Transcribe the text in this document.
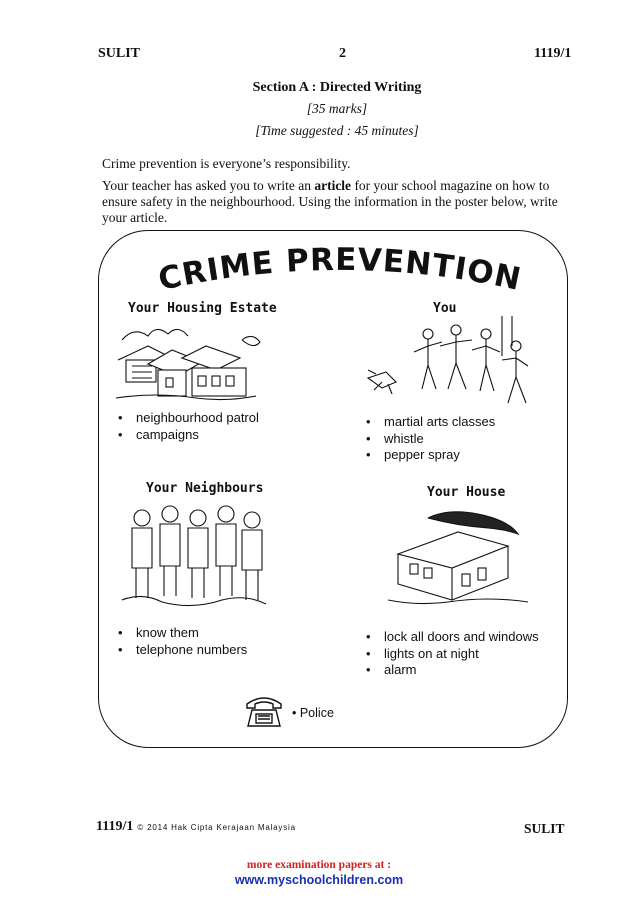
SULIT	2	1119/1
Section A : Directed Writing
[35 marks]
[Time suggested : 45 minutes]
Crime prevention is everyone’s responsibility.
Your teacher has asked you to write an article for your school magazine on how to ensure safety in the neighbourhood. Using the information in the poster below, write your article.
CRIME PREVENTION
Your Housing Estate
• neighbourhood patrol
• campaigns
You
• martial arts classes
• whistle
• pepper spray
Your Neighbours
• know them
• telephone numbers
Your House
• lock all doors and windows
• lights on at night
• alarm
• Police
1119/1 © 2014 Hak Cipta Kerajaan Malaysia	SULIT
more examination papers at :
www.myschoolchildren.com
